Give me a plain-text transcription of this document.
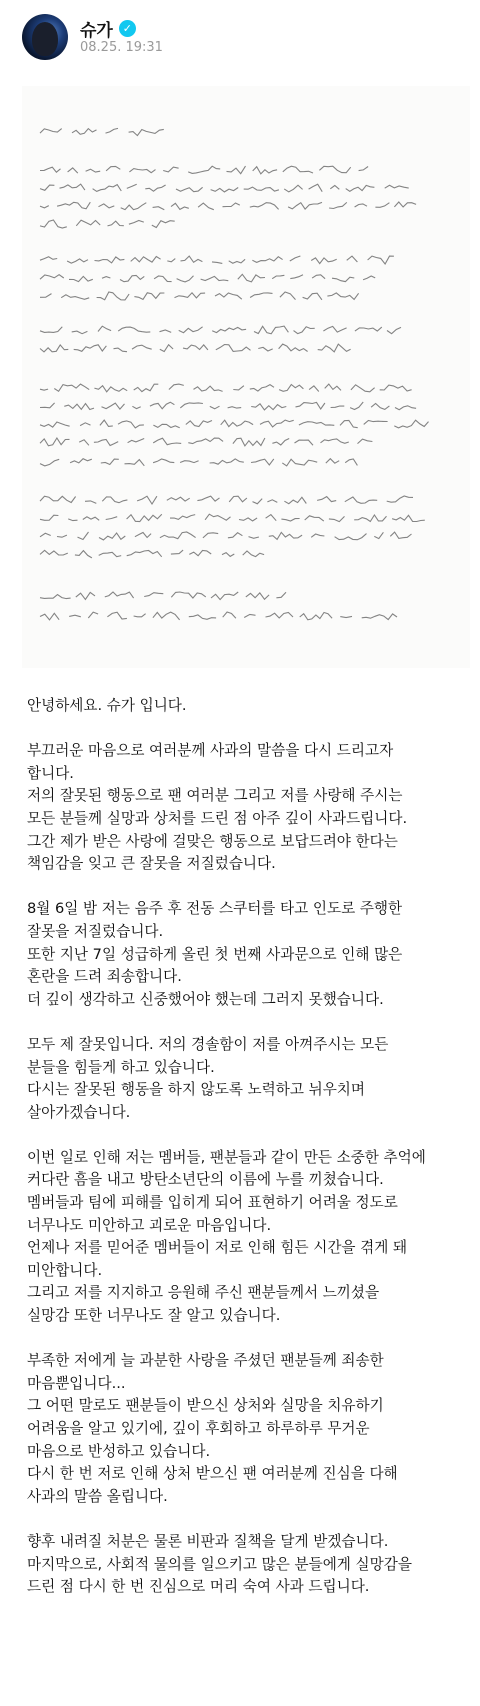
슈가 ✓
08.25. 19:31
안녕하세요. 슈가 입니다.
부끄러운 마음으로 여러분께 사과의 말씀을 다시 드리고자
합니다.
저의 잘못된 행동으로 팬 여러분 그리고 저를 사랑해 주시는
모든 분들께 실망과 상처를 드린 점 아주 깊이 사과드립니다.
그간 제가 받은 사랑에 걸맞은 행동으로 보답드려야 한다는
책임감을 잊고 큰 잘못을 저질렀습니다.
8월 6일 밤 저는 음주 후 전동 스쿠터를 타고 인도로 주행한
잘못을 저질렀습니다.
또한 지난 7일 성급하게 올린 첫 번째 사과문으로 인해 많은
혼란을 드려 죄송합니다.
더 깊이 생각하고 신중했어야 했는데 그러지 못했습니다.
모두 제 잘못입니다. 저의 경솔함이 저를 아껴주시는 모든
분들을 힘들게 하고 있습니다.
다시는 잘못된 행동을 하지 않도록 노력하고 뉘우치며
살아가겠습니다.
이번 일로 인해 저는 멤버들, 팬분들과 같이 만든 소중한 추억에
커다란 흠을 내고 방탄소년단의 이름에 누를 끼쳤습니다.
멤버들과 팀에 피해를 입히게 되어 표현하기 어려울 정도로
너무나도 미안하고 괴로운 마음입니다.
언제나 저를 믿어준 멤버들이 저로 인해 힘든 시간을 겪게 돼
미안합니다.
그리고 저를 지지하고 응원해 주신 팬분들께서 느끼셨을
실망감 또한 너무나도 잘 알고 있습니다.
부족한 저에게 늘 과분한 사랑을 주셨던 팬분들께 죄송한
마음뿐입니다...
그 어떤 말로도 팬분들이 받으신 상처와 실망을 치유하기
어려움을 알고 있기에, 깊이 후회하고 하루하루 무거운
마음으로 반성하고 있습니다.
다시 한 번 저로 인해 상처 받으신 팬 여러분께 진심을 다해
사과의 말씀 올립니다.
향후 내려질 처분은 물론 비판과 질책을 달게 받겠습니다.
마지막으로, 사회적 물의를 일으키고 많은 분들에게 실망감을
드린 점 다시 한 번 진심으로 머리 숙여 사과 드립니다.
